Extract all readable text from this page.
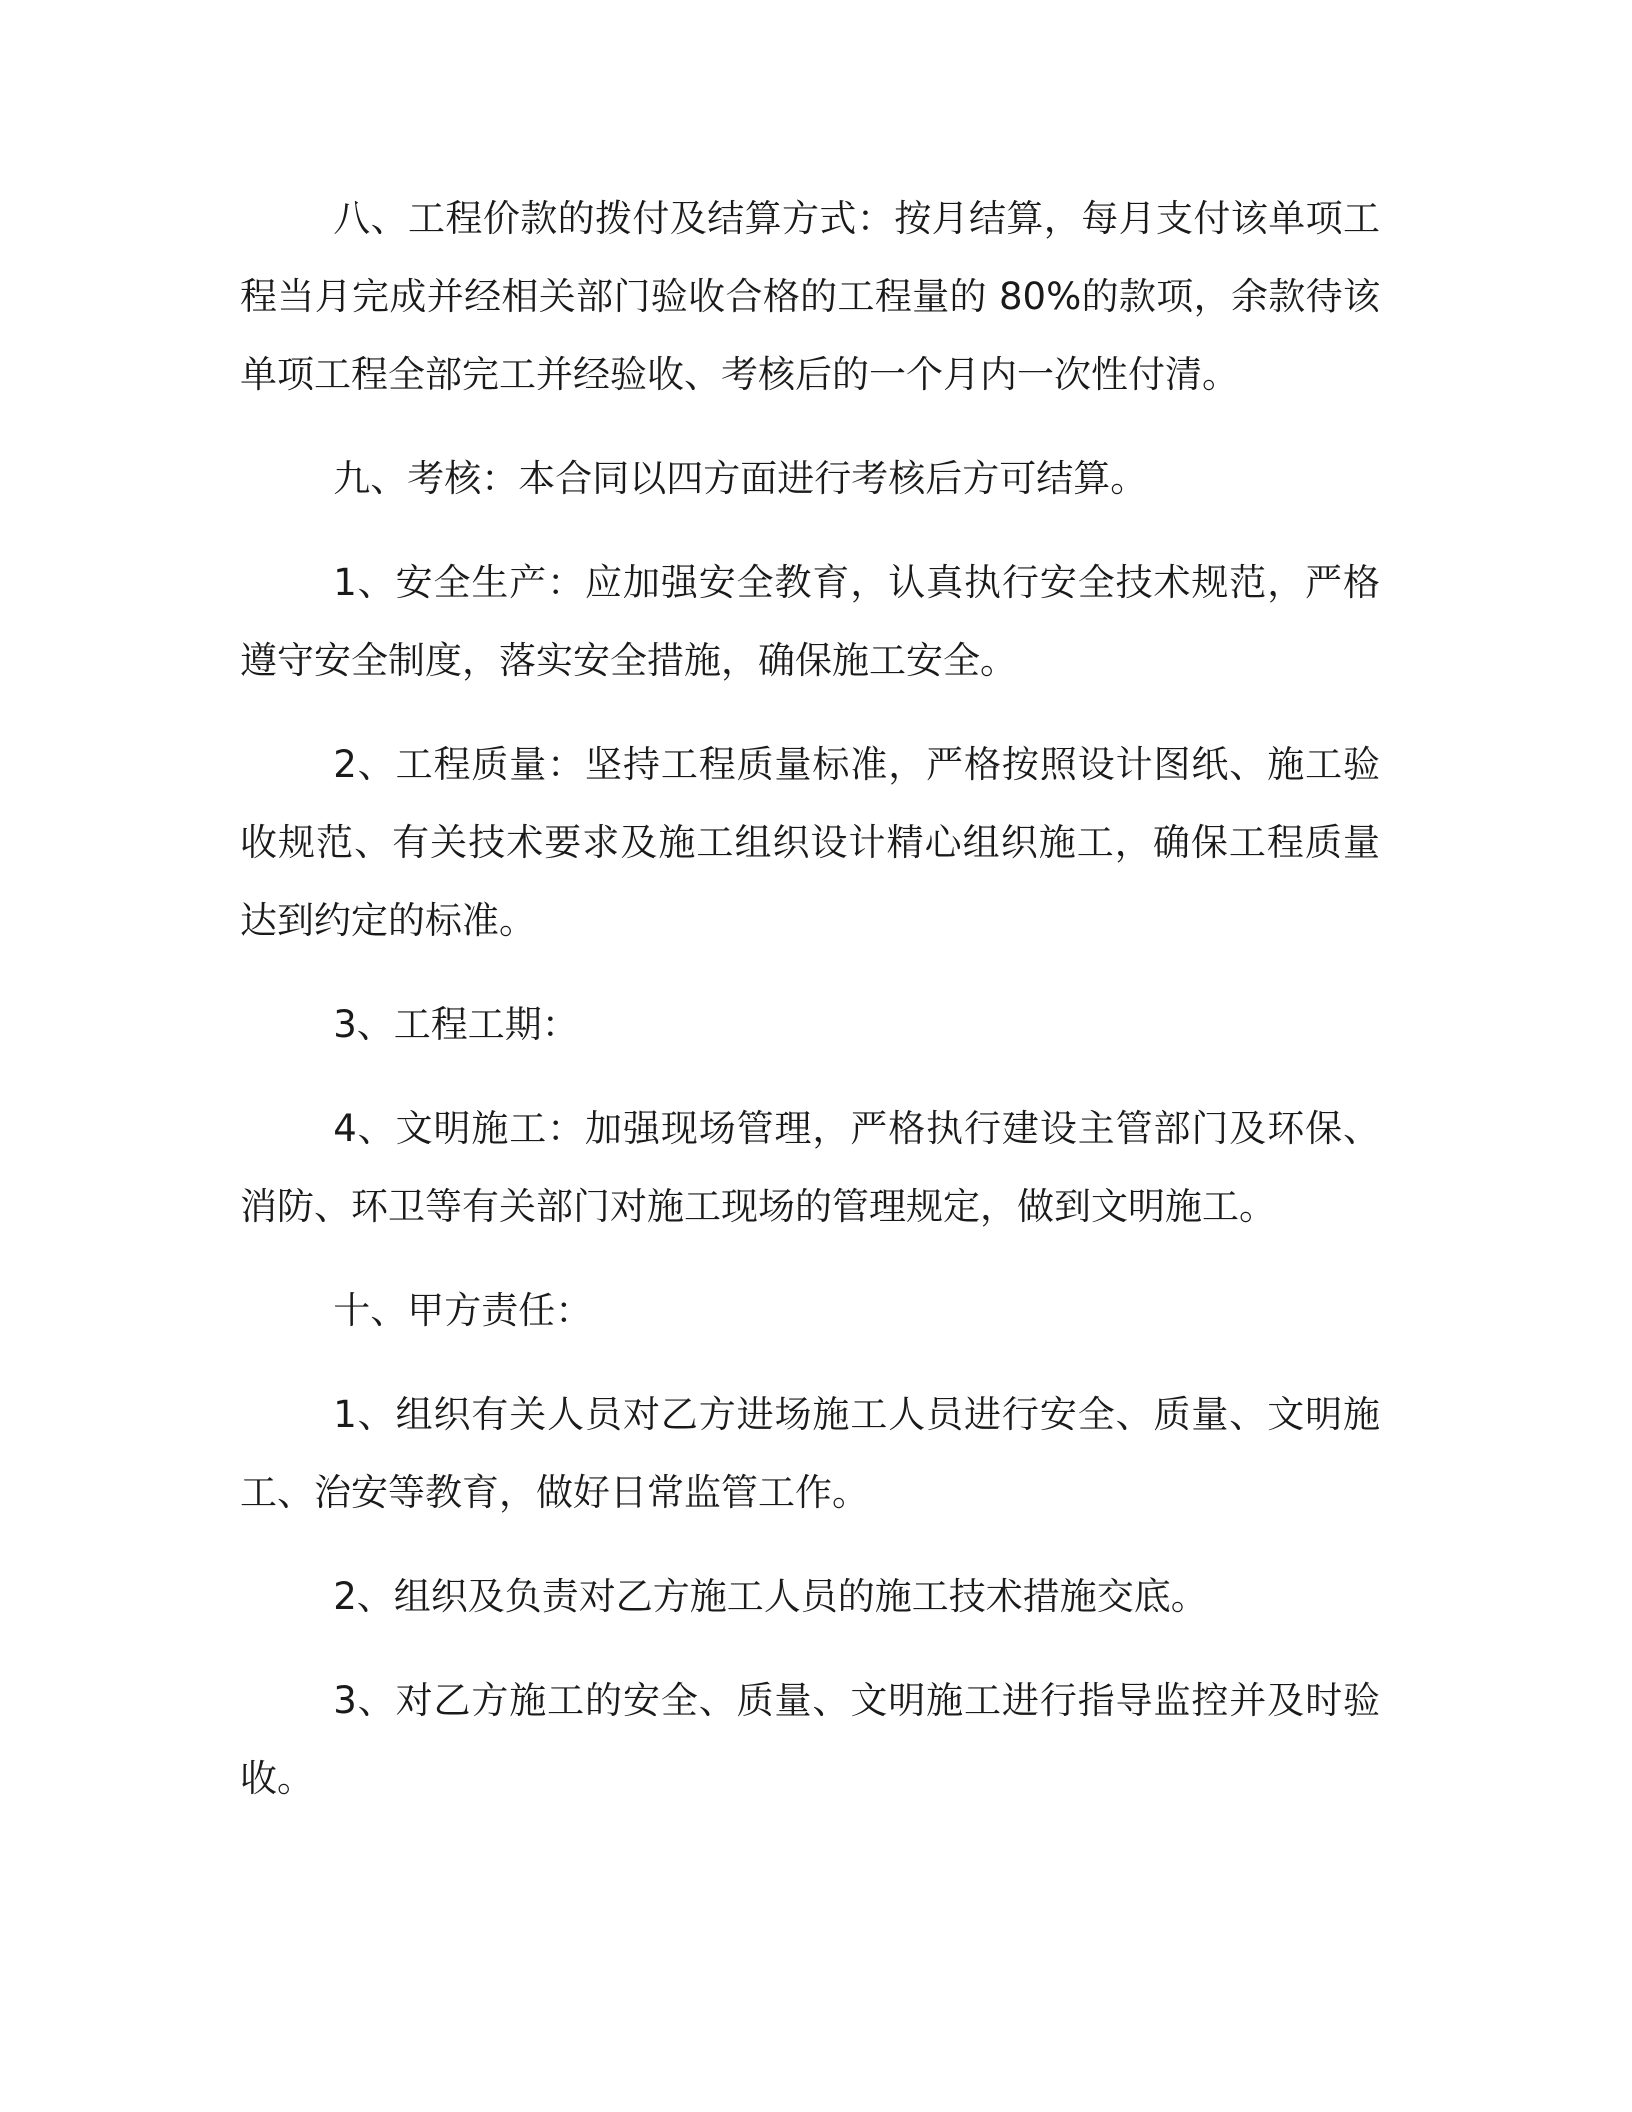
八、工程价款的拨付及结算方式：按月结算，每月支付该单项工程当月完成并经相关部门验收合格的工程量的 80%的款项，余款待该单项工程全部完工并经验收、考核后的一个月内一次性付清。

九、考核：本合同以四方面进行考核后方可结算。

1、安全生产：应加强安全教育，认真执行安全技术规范，严格遵守安全制度，落实安全措施，确保施工安全。

2、工程质量：坚持工程质量标准，严格按照设计图纸、施工验收规范、有关技术要求及施工组织设计精心组织施工，确保工程质量达到约定的标准。

3、工程工期：

4、文明施工：加强现场管理，严格执行建设主管部门及环保、消防、环卫等有关部门对施工现场的管理规定，做到文明施工。

十、甲方责任：

1、组织有关人员对乙方进场施工人员进行安全、质量、文明施工、治安等教育，做好日常监管工作。

2、组织及负责对乙方施工人员的施工技术措施交底。

3、对乙方施工的安全、质量、文明施工进行指导监控并及时验收。
